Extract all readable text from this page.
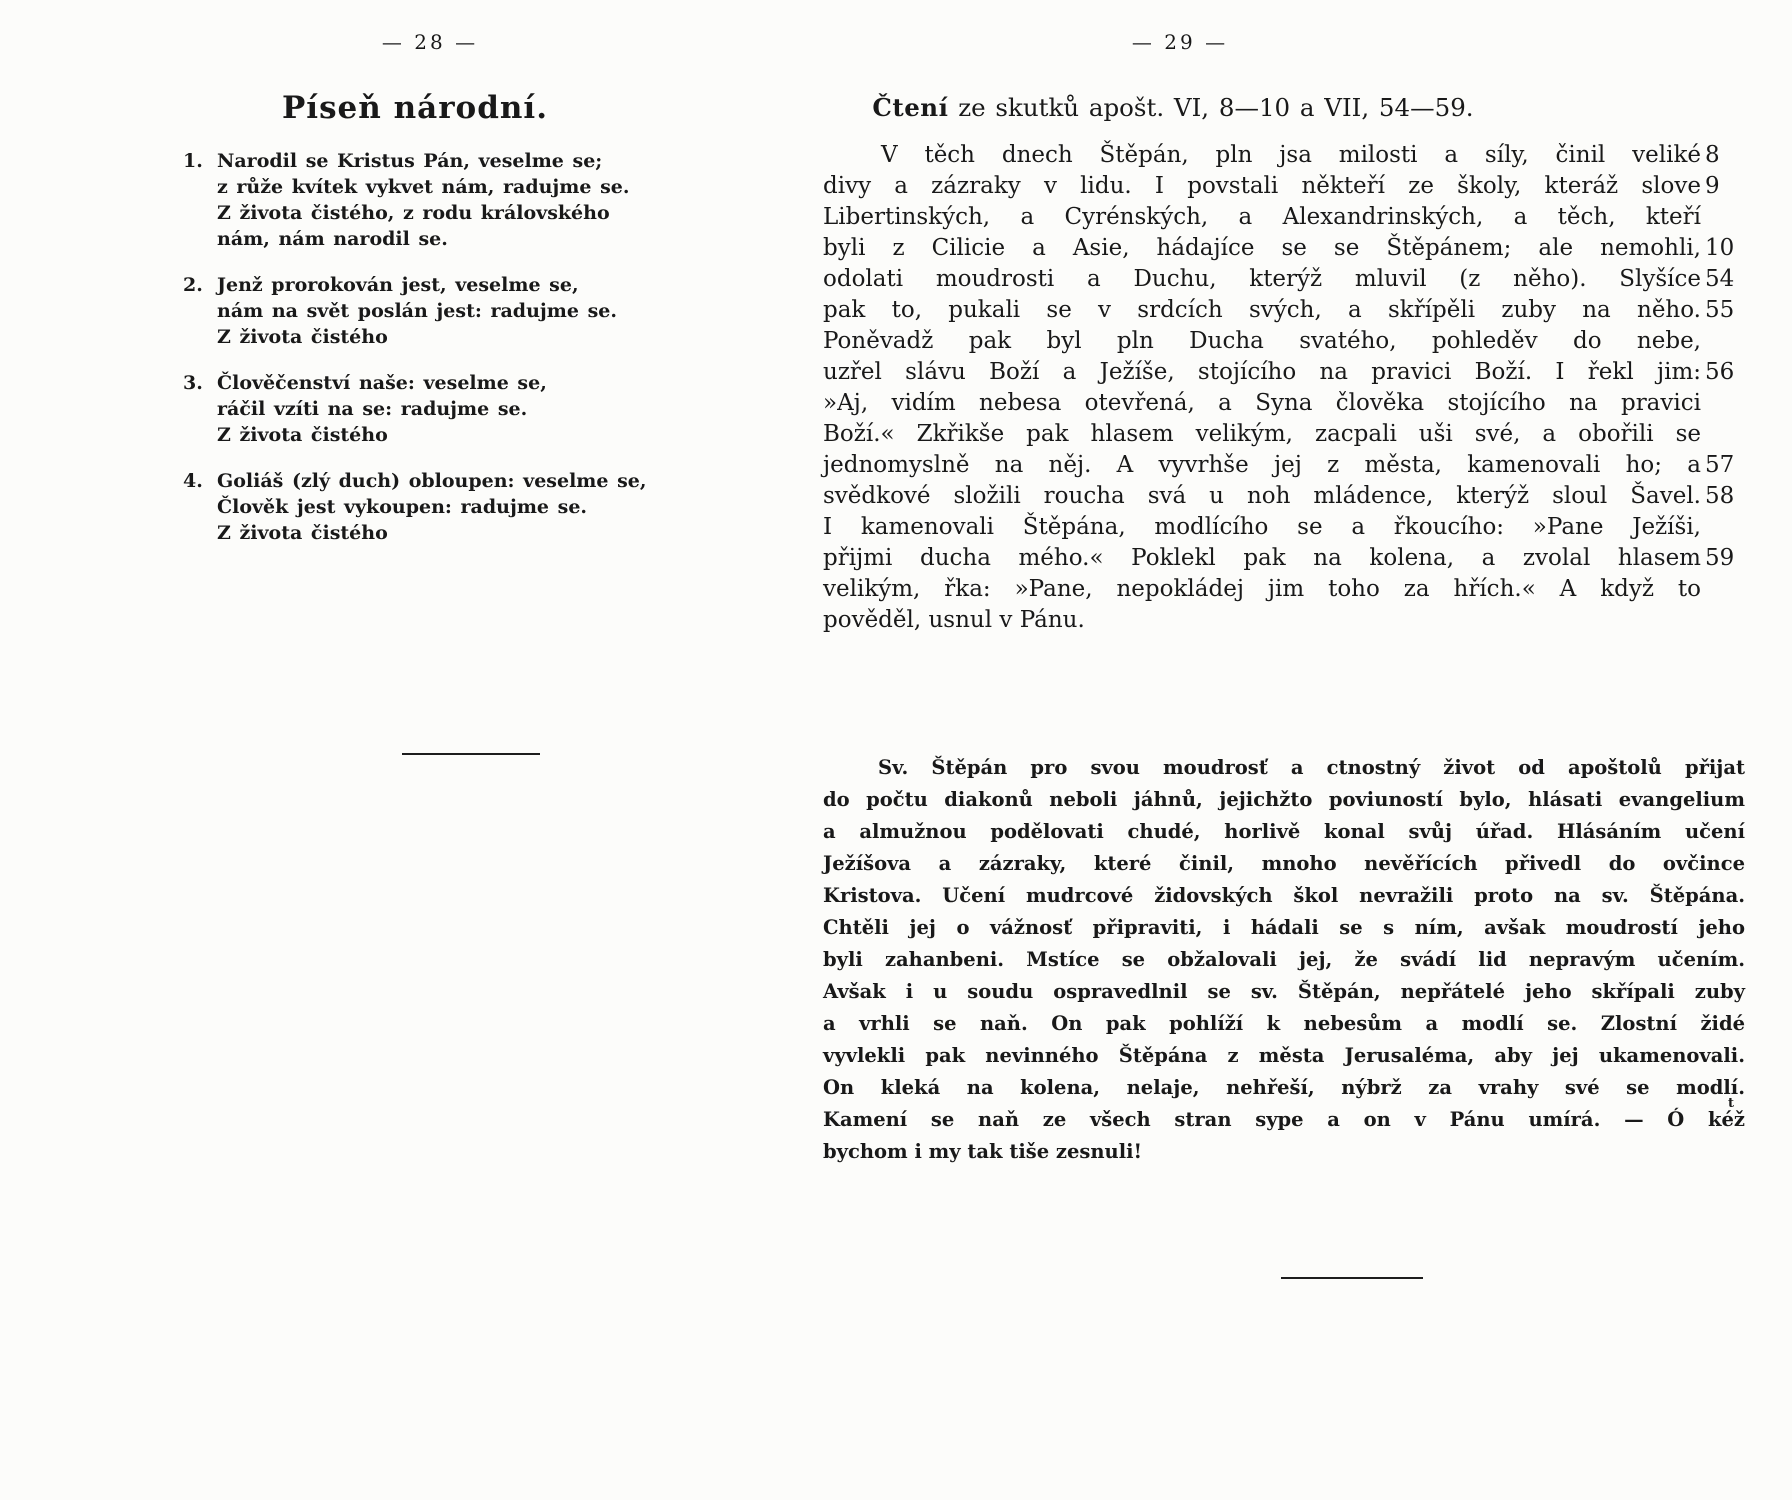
— 28 —
Píseň národní.
1. Narodil se Kristus Pán, veselme se;
z růže kvítek vykvet nám, radujme se.
Z života čistého, z rodu královského
nám, nám narodil se.
2. Jenž prorokován jest, veselme se,
nám na svět poslán jest: radujme se.
Z života čistého
3. Člověčenství naše: veselme se,
ráčil vzíti na se: radujme se.
Z života čistého
4. Goliáš (zlý duch) obloupen: veselme se,
Člověk jest vykoupen: radujme se.
Z života čistého
— 29 —
Čtení ze skutků apošt. VI, 8—10 a VII, 54—59.
V těch dnech Štěpán, pln jsa milosti a síly, činil veliké 8
divy a zázraky v lidu. I povstali někteří ze školy, kteráž slove 9
Libertinských, a Cyrénských, a Alexandrinských, a těch, kteří
byli z Cilicie a Asie, hádajíce se se Štěpánem; ale nemohli, 10
odolati moudrosti a Duchu, kterýž mluvil (z něho). Slyšíce 54
pak to, pukali se v srdcích svých, a skřípěli zuby na něho. 55
Poněvadž pak byl pln Ducha svatého, pohleděv do nebe,
uzřel slávu Boží a Ježíše, stojícího na pravici Boží. I řekl jim: 56
»Aj, vidím nebesa otevřená, a Syna člověka stojícího na pravici
Boží.« Zkřikše pak hlasem velikým, zacpali uši své, a obořili se
jednomyslně na něj. A vyvrhše jej z města, kamenovali ho; a 57
svědkové složili roucha svá u noh mládence, kterýž sloul Šavel. 58
I kamenovali Štěpána, modlícího se a řkoucího: »Pane Ježíši,
přijmi ducha mého.« Poklekl pak na kolena, a zvolal hlasem 59
velikým, řka: »Pane, nepokládej jim toho za hřích.« A když to
pověděl, usnul v Pánu.
Sv. Štěpán pro svou moudrosť a ctnostný život od apoštolů přijat
do počtu diakonů neboli jáhnů, jejichžto poviuností bylo, hlásati evangelium
a almužnou podělovati chudé, horlivě konal svůj úřad. Hlásáním učení
Ježíšova a zázraky, které činil, mnoho nevěřících přivedl do ovčince
Kristova. Učení mudrcové židovských škol nevražili proto na sv. Štěpána.
Chtěli jej o vážnosť připraviti, i hádali se s ním, avšak moudrostí jeho
byli zahanbeni. Mstíce se obžalovali jej, že svádí lid nepravým učením.
Avšak i u soudu ospravedlnil se sv. Štěpán, nepřátelé jeho skřípali zuby
a vrhli se naň. On pak pohlíží k nebesům a modlí se. Zlostní židé
vyvlekli pak nevinného Štěpána z města Jerusaléma, aby jej ukamenovali.
On kleká na kolena, nelaje, nehřeší, nýbrž za vrahy své se modlí.
Kamení se naň ze všech stran sype a on v Pánu umírá. — Ó kéž
bychom i my tak tiše zesnuli!
t
